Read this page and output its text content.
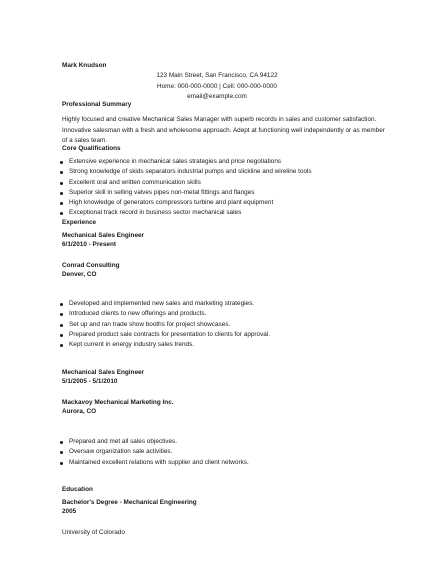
Mark Knudson
123 Main Street, San Francisco, CA 94122
Home: 000-000-0000 | Cell: 000-000-0000
email@example.com
Professional Summary
Highly focused and creative Mechanical Sales Manager with superb records in sales and customer satisfaction. Innovative salesman with a fresh and wholesome approach. Adept at functioning well independently or as member of a sales team.
Core Qualifications
Extensive experience in mechanical sales strategies and price negotiations
Strong knowledge of skids separators industrial pumps and slickline and wireline tools
Excellent oral and written communication skills
Superior skill in selling valves pipes non-metal fittings and flanges
High knowledge of generators compressors turbine and plant equipment
Exceptional track record in business sector mechanical sales
Experience
Mechanical Sales Engineer
6/1/2010 - Present
Conrad Consulting
Denver, CO
Developed and implemented new sales and marketing strategies.
Introduced clients to new offerings and products.
Set up and ran trade show booths for project showcases.
Prepared product sale contracts for presentation to clients for approval.
Kept current in energy industry sales trends.
Mechanical Sales Engineer
5/1/2005 - 5/1/2010
Mackavoy Mechanical Marketing Inc.
Aurora, CO
Prepared and met all sales objectives.
Oversaw organization sale activities.
Maintained excellent relations with supplier and client networks.
Education
Bachelor's Degree - Mechanical Engineering
2005
University of Colorado
